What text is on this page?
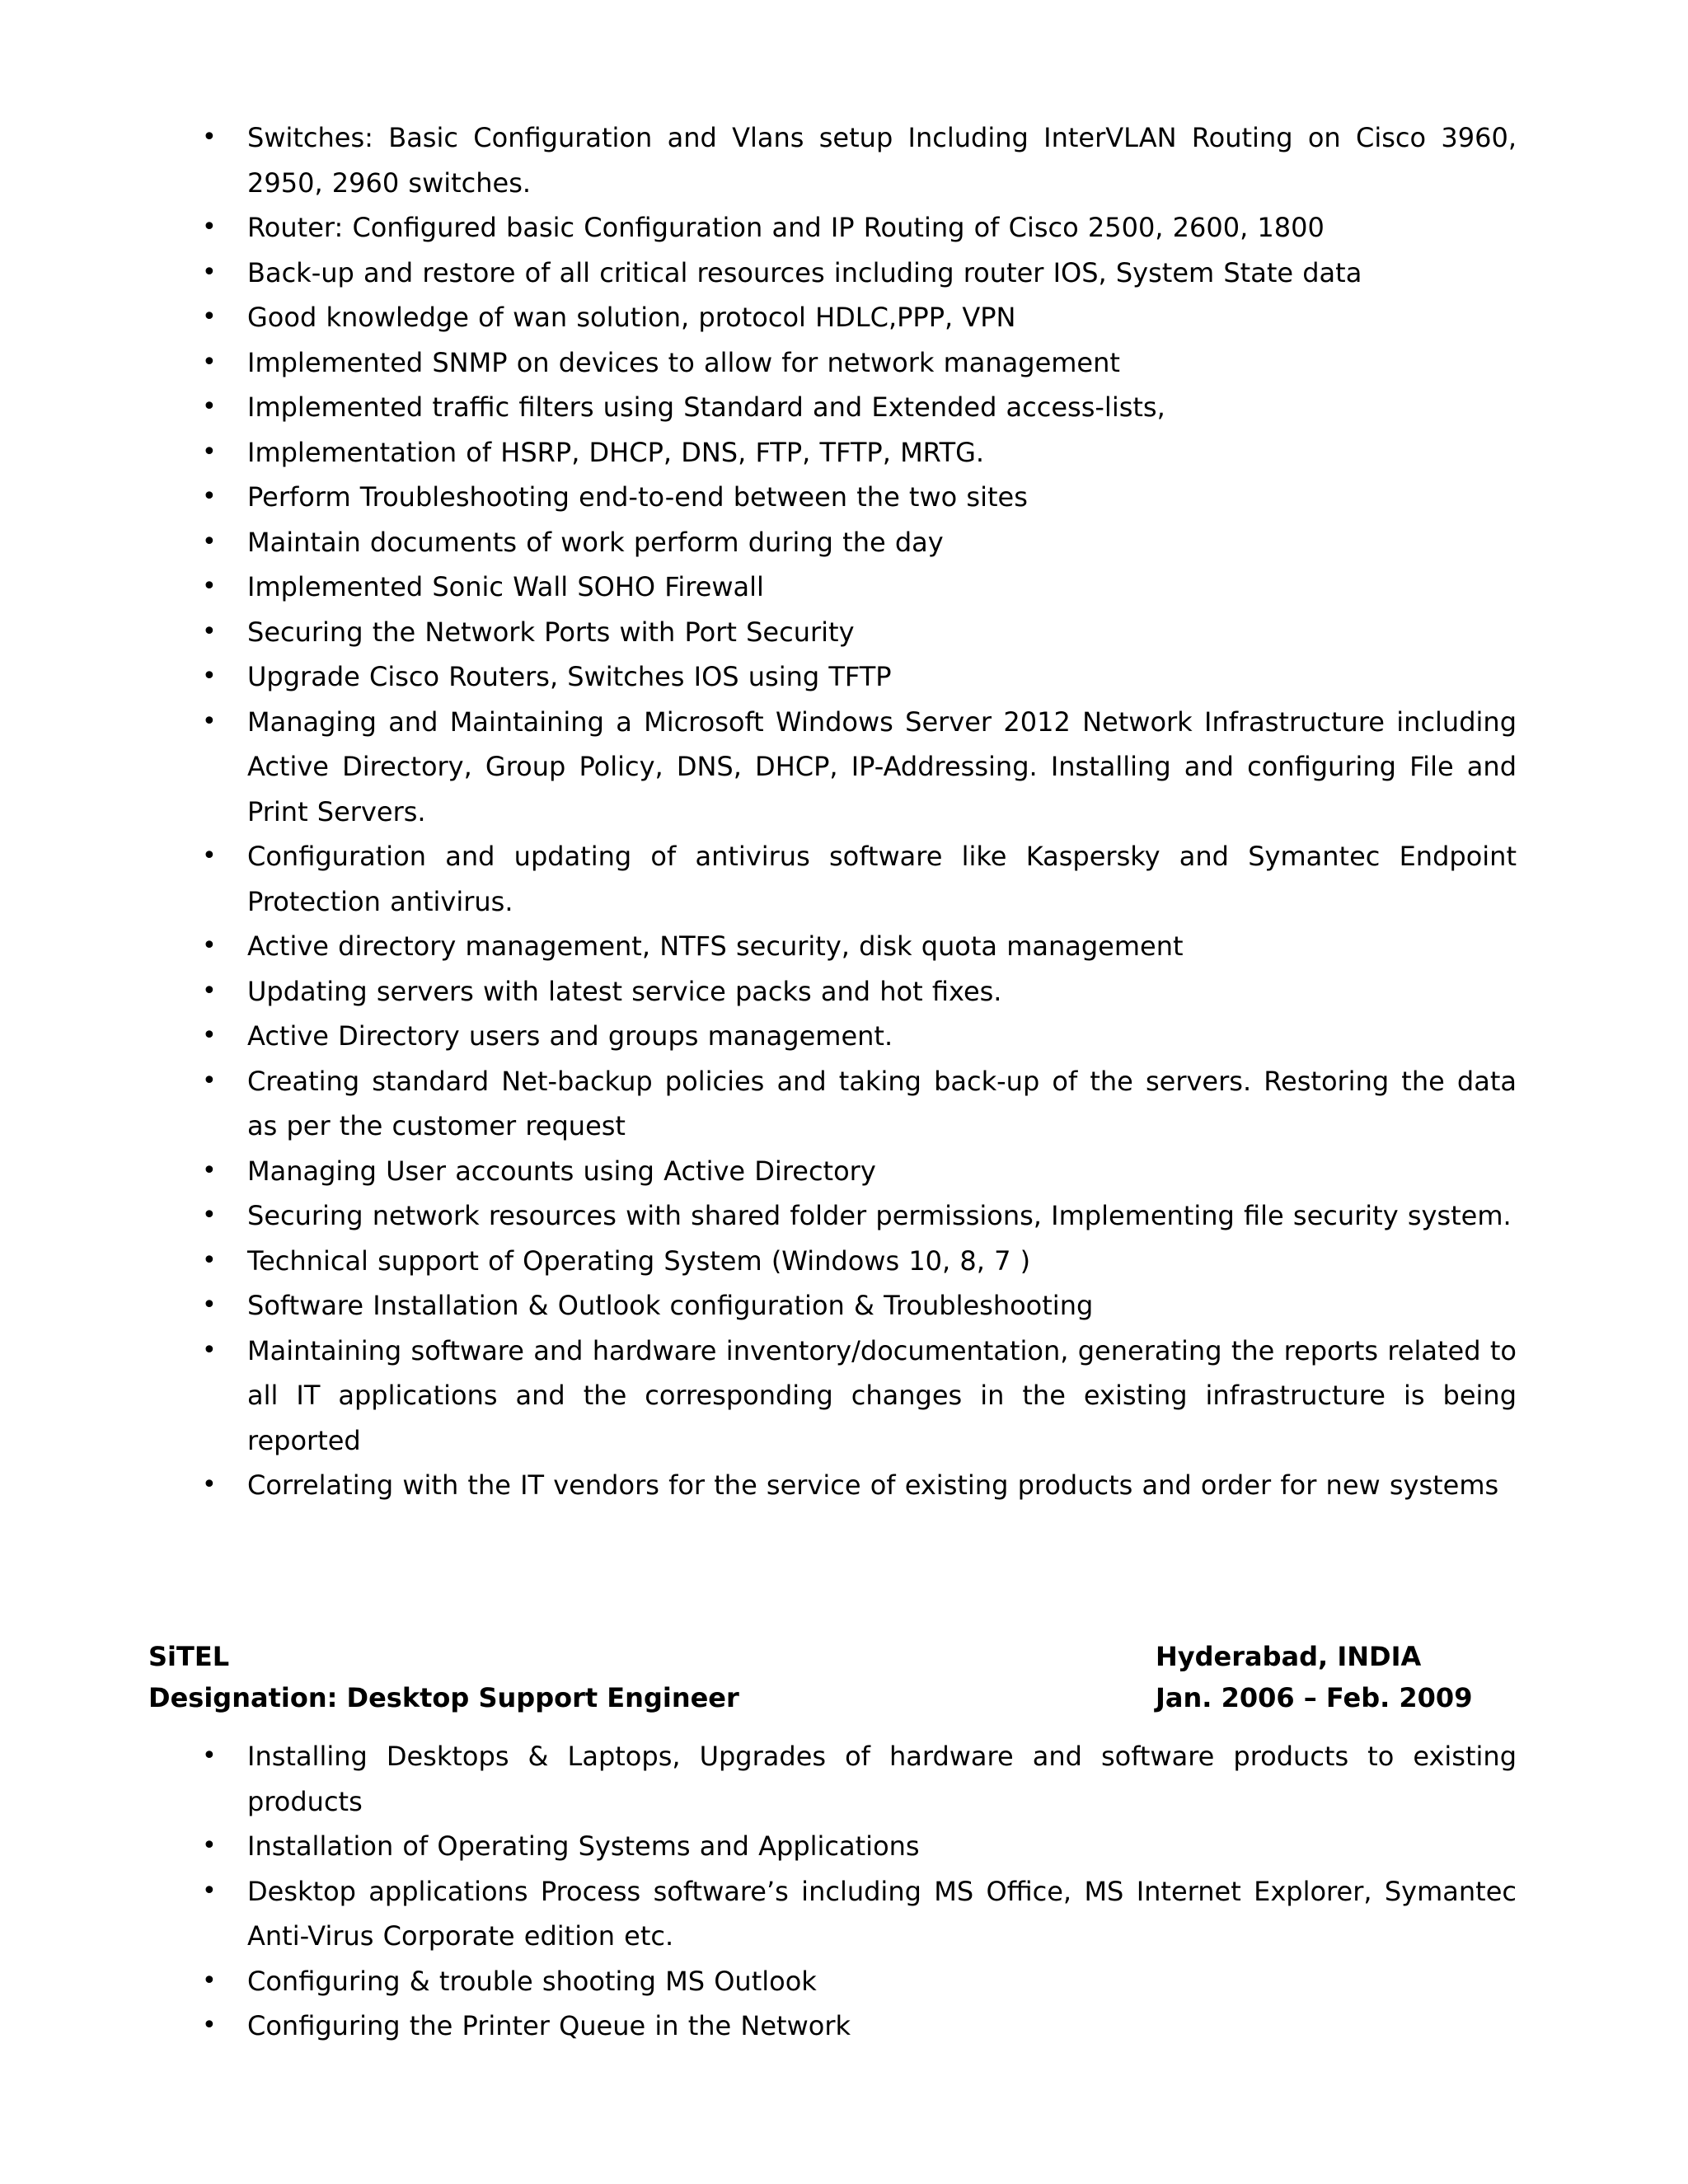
• Switches: Basic Configuration and Vlans setup Including InterVLAN Routing on Cisco 3960, 2950, 2960 switches.
• Router: Configured basic Configuration and IP Routing of Cisco 2500, 2600, 1800
• Back-up and restore of all critical resources including router IOS, System State data
• Good knowledge of wan solution, protocol HDLC,PPP, VPN
• Implemented SNMP on devices to allow for network management
• Implemented traffic filters using Standard and Extended access-lists,
• Implementation of HSRP, DHCP, DNS, FTP, TFTP, MRTG.
• Perform Troubleshooting end-to-end between the two sites
• Maintain documents of work perform during the day
• Implemented Sonic Wall SOHO Firewall
• Securing the Network Ports with Port Security
• Upgrade Cisco Routers, Switches IOS using TFTP
• Managing and Maintaining a Microsoft Windows Server 2012 Network Infrastructure including Active Directory, Group Policy, DNS, DHCP, IP-Addressing. Installing and configuring File and Print Servers.
• Configuration and updating of antivirus software like Kaspersky and Symantec Endpoint Protection antivirus.
• Active directory management, NTFS security, disk quota management
• Updating servers with latest service packs and hot fixes.
• Active Directory users and groups management.
• Creating standard Net-backup policies and taking back-up of the servers. Restoring the data as per the customer request
• Managing User accounts using Active Directory
• Securing network resources with shared folder permissions, Implementing file security system.
• Technical support of Operating System (Windows 10, 8, 7 )
• Software Installation & Outlook configuration & Troubleshooting
• Maintaining software and hardware inventory/documentation, generating the reports related to all IT applications and the corresponding changes in the existing infrastructure is being reported
• Correlating with the IT vendors for the service of existing products and order for new systems
SiTEL	Hyderabad, INDIA
Designation: Desktop Support Engineer	Jan. 2006 – Feb. 2009
• Installing Desktops & Laptops, Upgrades of hardware and software products to existing products
• Installation of Operating Systems and Applications
• Desktop applications Process software’s including MS Office, MS Internet Explorer, Symantec Anti-Virus Corporate edition etc.
• Configuring & trouble shooting MS Outlook
• Configuring the Printer Queue in the Network
